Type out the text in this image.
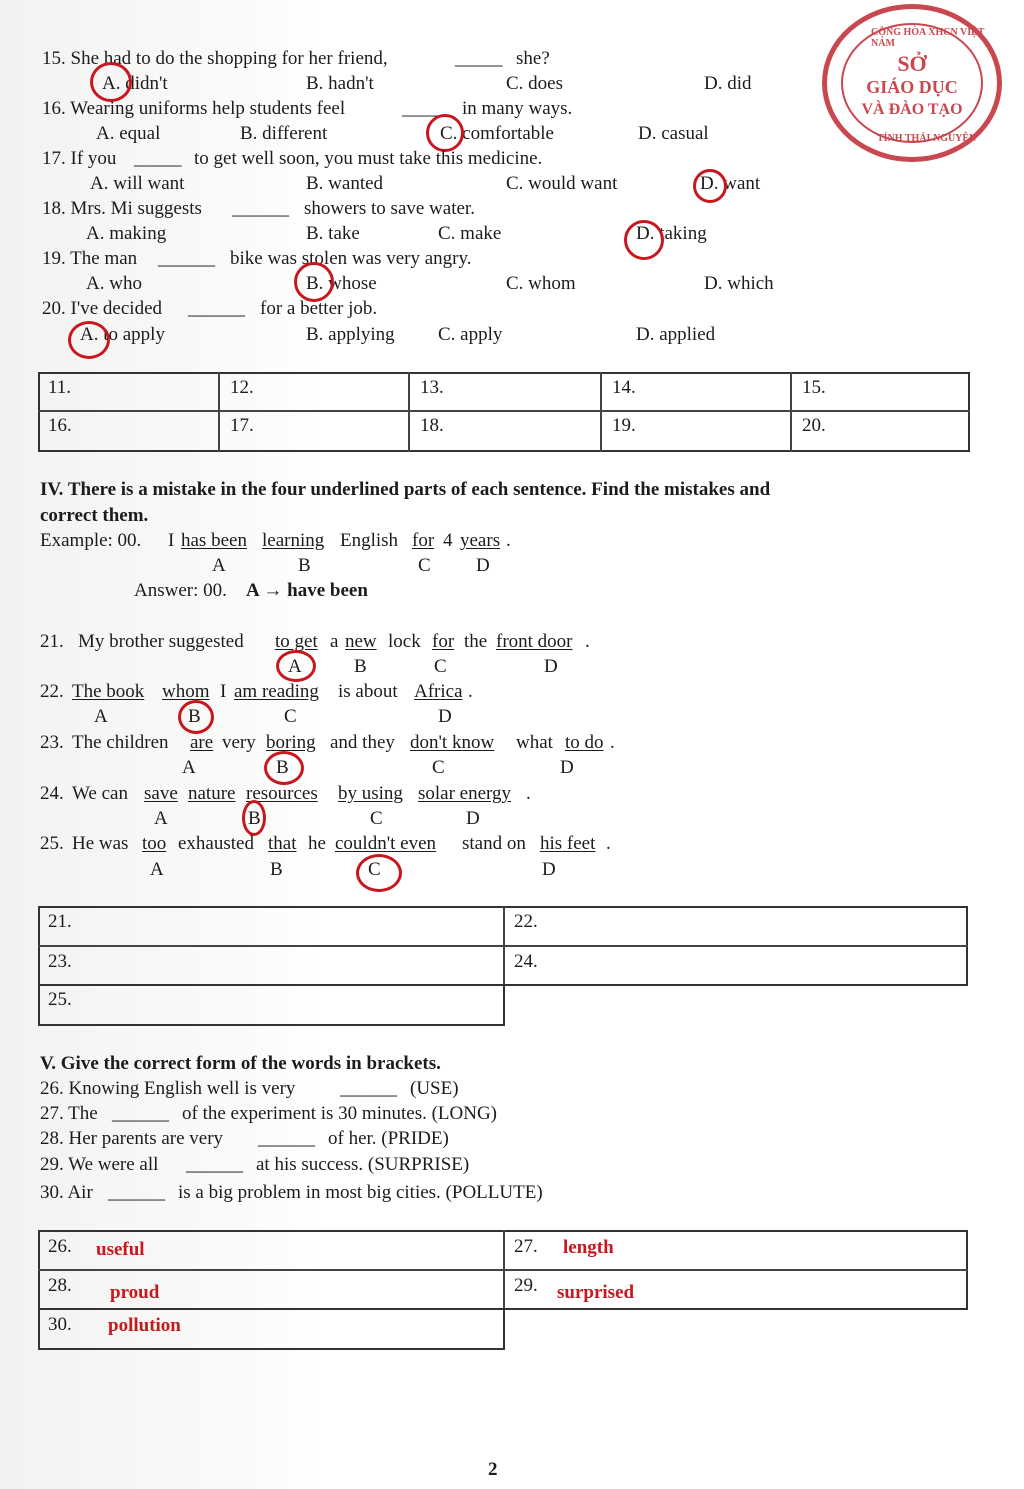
CỘNG HÒA XHCN VIỆT NAM
SỞ
GIÁO DỤC
VÀ ĐÀO TẠO
TỈNH THÁI NGUYÊN
15. She had to do the shopping for her friend,	_____ she?
A. didn't	B. hadn't	C. does	D. did
16. Wearing uniforms help students feel	_____ in many ways.
A. equal	B. different	C. comfortable	D. casual
17. If you _____ to get well soon, you must take this medicine.
A. will want	B. wanted	C. would want	D. want
18. Mrs. Mi suggests ______ showers to save water.
A. making	B. take	C. make	D. taking
19. The man ______ bike was stolen was very angry.
A. who	B. whose	C. whom	D. which
20. I've decided ______ for a better job.
A. to apply	B. applying C. apply	D. applied
11.	12.	13.	14.	15.
16.	17.	18.	19.	20.
IV. There is a mistake in the four underlined parts of each sentence. Find the mistakes and
correct them.
Example: 00. I has been learning English for 4 years .
A	B	C D
Answer: 00. A → have been
21. My brother suggested to get a new lock for the front door .
A	B	C	D
22. The book whom I am reading is about Africa .
A	B	C	D
23. The children are very boring and they don't know what to do .
A	B	C	D
24. We can save nature resources by using solar energy .
A	B	C	D
25. He was too exhausted that he couldn't even stand on his feet .
A	B	C	D
21.	22.
23.	24.
25.
V. Give the correct form of the words in brackets.
26. Knowing English well is very ______ (USE)
27. The ______ of the experiment is 30 minutes. (LONG)
28. Her parents are very ______ of her. (PRIDE)
29. We were all ______ at his success. (SURPRISE)
30. Air ______ is a big problem in most big cities. (POLLUTE)
26. useful	27. length
28. proud	29. surprised
30. pollution
2
